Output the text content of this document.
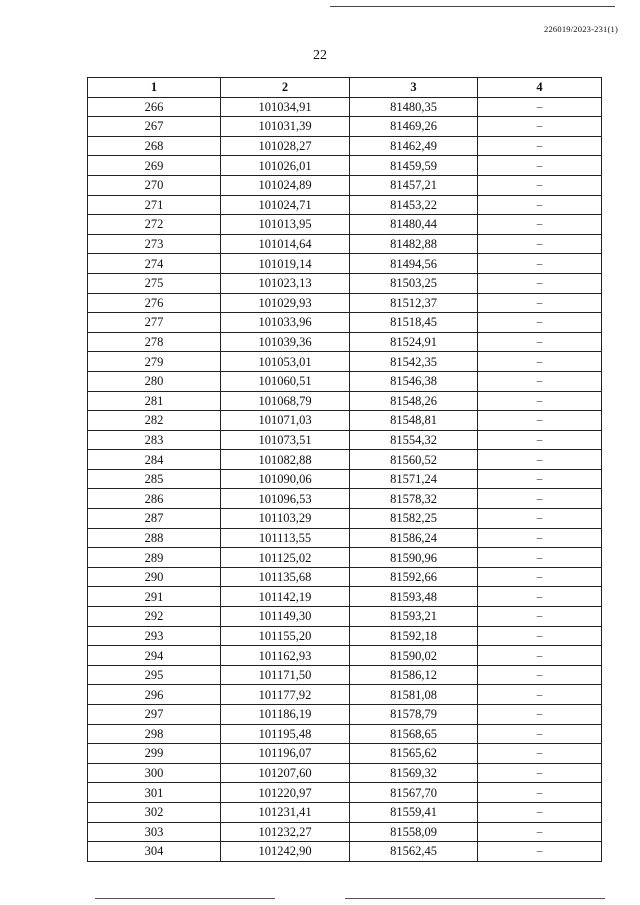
226019/2023-231(1)
22
1	2	3	4
266	101034,91	81480,35	–
267	101031,39	81469,26	–
268	101028,27	81462,49	–
269	101026,01	81459,59	–
270	101024,89	81457,21	–
271	101024,71	81453,22	–
272	101013,95	81480,44	–
273	101014,64	81482,88	–
274	101019,14	81494,56	–
275	101023,13	81503,25	–
276	101029,93	81512,37	–
277	101033,96	81518,45	–
278	101039,36	81524,91	–
279	101053,01	81542,35	–
280	101060,51	81546,38	–
281	101068,79	81548,26	–
282	101071,03	81548,81	–
283	101073,51	81554,32	–
284	101082,88	81560,52	–
285	101090,06	81571,24	–
286	101096,53	81578,32	–
287	101103,29	81582,25	–
288	101113,55	81586,24	–
289	101125,02	81590,96	–
290	101135,68	81592,66	–
291	101142,19	81593,48	–
292	101149,30	81593,21	–
293	101155,20	81592,18	–
294	101162,93	81590,02	–
295	101171,50	81586,12	–
296	101177,92	81581,08	–
297	101186,19	81578,79	–
298	101195,48	81568,65	–
299	101196,07	81565,62	–
300	101207,60	81569,32	–
301	101220,97	81567,70	–
302	101231,41	81559,41	–
303	101232,27	81558,09	–
304	101242,90	81562,45	–
